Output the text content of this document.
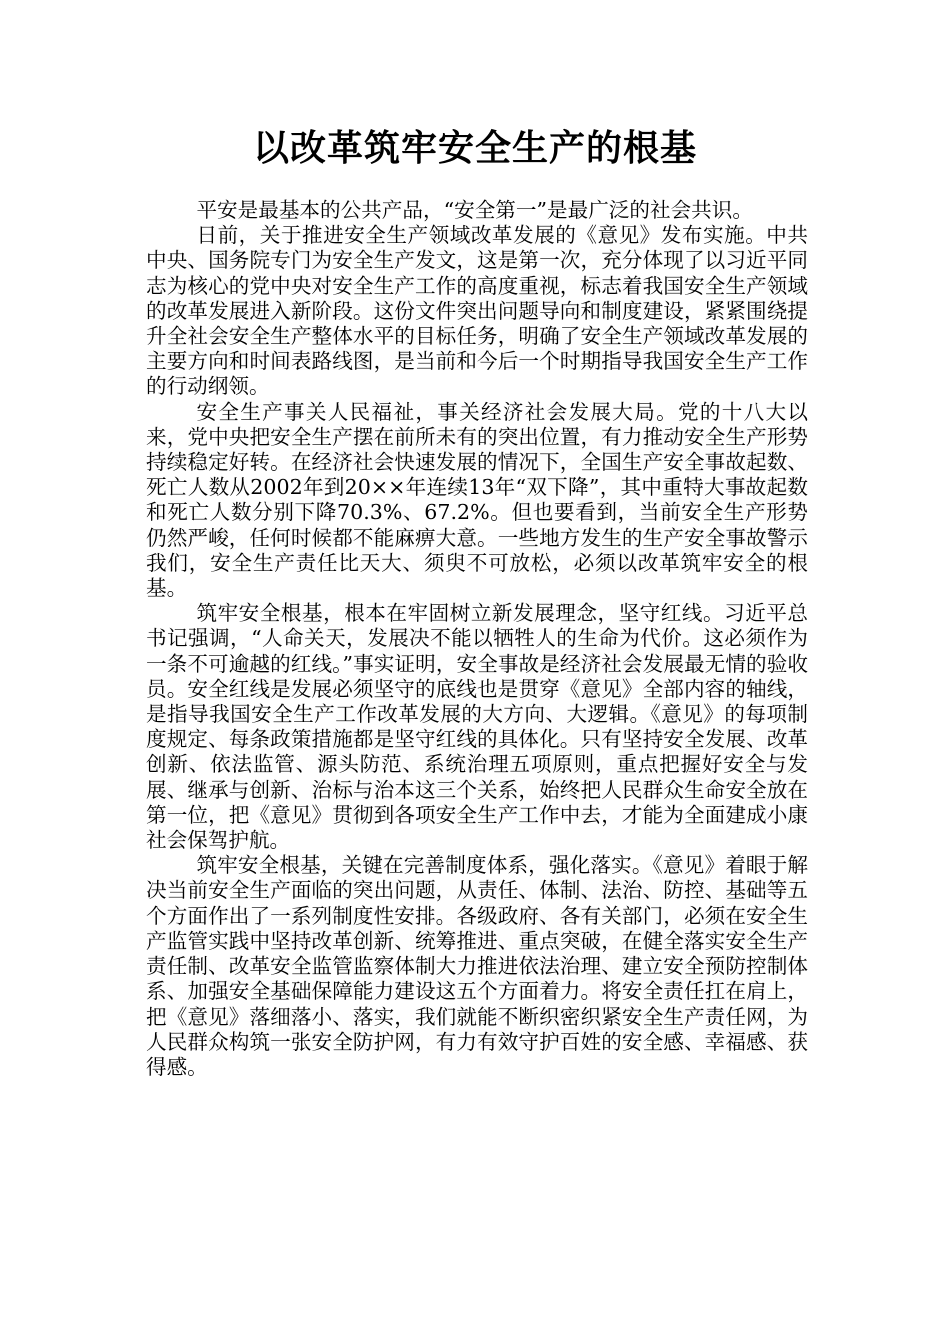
以改革筑牢安全生产的根基

平安是最基本的公共产品，“安全第一”是最广泛的社会共识。

日前，关于推进安全生产领域改革发展的《意见》发布实施。中共中央、国务院专门为安全生产发文，这是第一次，充分体现了以习近平同志为核心的党中央对安全生产工作的高度重视，标志着我国安全生产领域的改革发展进入新阶段。这份文件突出问题导向和制度建设，紧紧围绕提升全社会安全生产整体水平的目标任务，明确了安全生产领域改革发展的主要方向和时间表路线图，是当前和今后一个时期指导我国安全生产工作的行动纲领。

安全生产事关人民福祉，事关经济社会发展大局。党的十八大以来，党中央把安全生产摆在前所未有的突出位置，有力推动安全生产形势持续稳定好转。在经济社会快速发展的情况下，全国生产安全事故起数、死亡人数从2002年到20××年连续13年“双下降”，其中重特大事故起数和死亡人数分别下降70.3%、67.2%。但也要看到，当前安全生产形势仍然严峻，任何时候都不能麻痹大意。一些地方发生的生产安全事故警示我们，安全生产责任比天大、须臾不可放松，必须以改革筑牢安全的根基。

筑牢安全根基，根本在牢固树立新发展理念，坚守红线。习近平总书记强调，“人命关天，发展决不能以牺牲人的生命为代价。这必须作为一条不可逾越的红线。”事实证明，安全事故是经济社会发展最无情的验收员。安全红线是发展必须坚守的底线也是贯穿《意见》全部内容的轴线，是指导我国安全生产工作改革发展的大方向、大逻辑。《意见》的每项制度规定、每条政策措施都是坚守红线的具体化。只有坚持安全发展、改革创新、依法监管、源头防范、系统治理五项原则，重点把握好安全与发展、继承与创新、治标与治本这三个关系，始终把人民群众生命安全放在第一位，把《意见》贯彻到各项安全生产工作中去，才能为全面建成小康社会保驾护航。

筑牢安全根基，关键在完善制度体系，强化落实。《意见》着眼于解决当前安全生产面临的突出问题，从责任、体制、法治、防控、基础等五个方面作出了一系列制度性安排。各级政府、各有关部门，必须在安全生产监管实践中坚持改革创新、统筹推进、重点突破，在健全落实安全生产责任制、改革安全监管监察体制大力推进依法治理、建立安全预防控制体系、加强安全基础保障能力建设这五个方面着力。将安全责任扛在肩上，把《意见》落细落小、落实，我们就能不断织密织紧安全生产责任网，为人民群众构筑一张安全防护网，有力有效守护百姓的安全感、幸福感、获得感。
